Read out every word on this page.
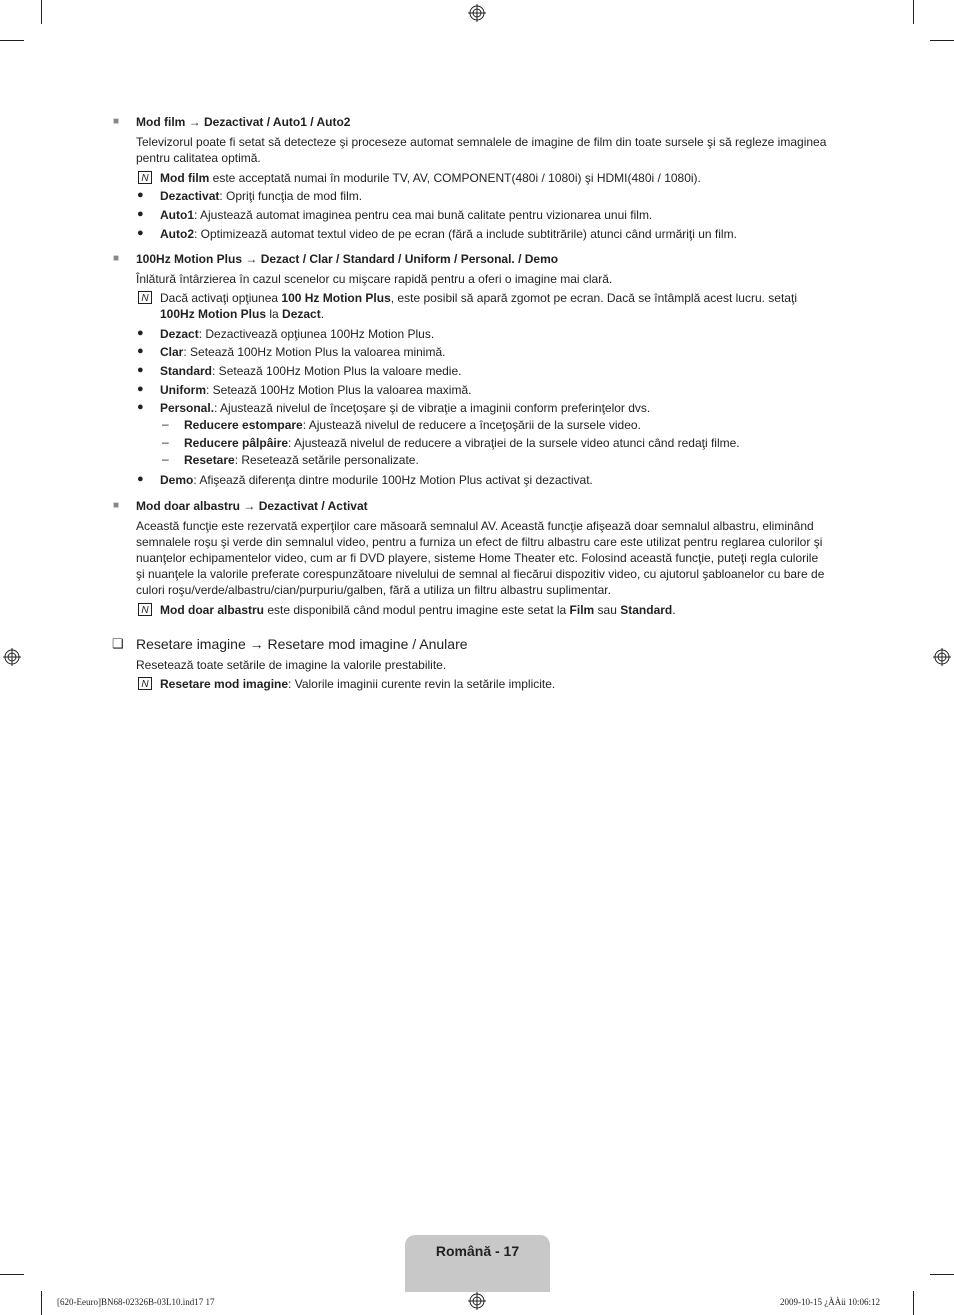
■ Mod film → Dezactivat / Auto1 / Auto2
Televizorul poate fi setat să detecteze şi proceseze automat semnalele de imagine de film din toate sursele şi să regleze imaginea
pentru calitatea optimă.
N Mod film este acceptată numai în modurile TV, AV, COMPONENT(480i / 1080i) şi HDMI(480i / 1080i).
● Dezactivat: Opriţi funcţia de mod film.
● Auto1: Ajustează automat imaginea pentru cea mai bună calitate pentru vizionarea unui film.
● Auto2: Optimizează automat textul video de pe ecran (fără a include subtitrările) atunci când urmăriţi un film.
■ 100Hz Motion Plus → Dezact / Clar / Standard / Uniform / Personal. / Demo
Înlătură întârzierea în cazul scenelor cu mişcare rapidă pentru a oferi o imagine mai clară.
N Dacă activaţi opţiunea 100 Hz Motion Plus, este posibil să apară zgomot pe ecran. Dacă se întâmplă acest lucru. setaţi
100Hz Motion Plus la Dezact.
● Dezact: Dezactivează opţiunea 100Hz Motion Plus.
● Clar: Setează 100Hz Motion Plus la valoarea minimă.
● Standard: Setează 100Hz Motion Plus la valoare medie.
● Uniform: Setează 100Hz Motion Plus la valoarea maximă.
● Personal.: Ajustează nivelul de înceţoşare şi de vibraţie a imaginii conform preferinţelor dvs.
– Reducere estompare: Ajustează nivelul de reducere a înceţoşării de la sursele video.
– Reducere pâlpâire: Ajustează nivelul de reducere a vibraţiei de la sursele video atunci când redaţi filme.
– Resetare: Resetează setările personalizate.
● Demo: Afişează diferenţa dintre modurile 100Hz Motion Plus activat şi dezactivat.
■ Mod doar albastru → Dezactivat / Activat
Această funcţie este rezervată experţilor care măsoară semnalul AV. Această funcţie afişează doar semnalul albastru, eliminând
semnalele roşu şi verde din semnalul video, pentru a furniza un efect de filtru albastru care este utilizat pentru reglarea culorilor şi
nuanţelor echipamentelor video, cum ar fi DVD playere, sisteme Home Theater etc. Folosind această funcţie, puteţi regla culorile
şi nuanţele la valorile preferate corespunzătoare nivelului de semnal al fiecărui dispozitiv video, cu ajutorul şabloanelor cu bare de
culori roşu/verde/albastru/cian/purpuriu/galben, fără a utiliza un filtru albastru suplimentar.
N Mod doar albastru este disponibilă când modul pentru imagine este setat la Film sau Standard.
❑ Resetare imagine → Resetare mod imagine / Anulare
Resetează toate setările de imagine la valorile prestabilite.
N Resetare mod imagine: Valorile imaginii curente revin la setările implicite.
Română - 17
[620-Eeuro]BN68-02326B-03L10.ind17 17	2009-10-15 ¿ÀÀü 10:06:12
